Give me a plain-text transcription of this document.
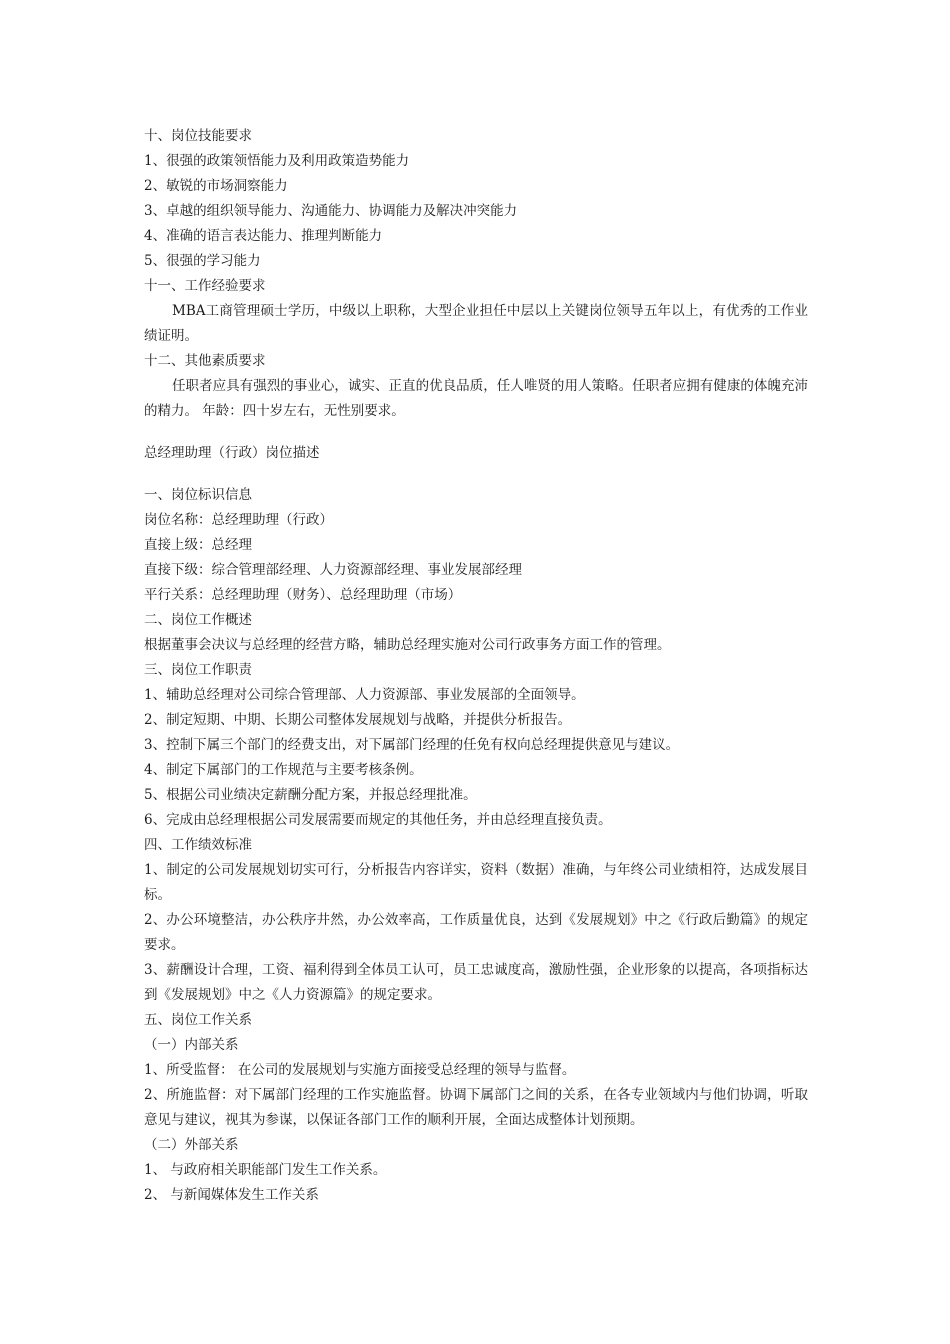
十、岗位技能要求
1、很强的政策领悟能力及利用政策造势能力
2、敏锐的市场洞察能力
3、卓越的组织领导能力、沟通能力、协调能力及解决冲突能力
4、准确的语言表达能力、推理判断能力
5、很强的学习能力
十一、工作经验要求
MBA工商管理硕士学历，中级以上职称，大型企业担任中层以上关键岗位领导五年以上，有优秀的工作业绩证明。
十二、其他素质要求
任职者应具有强烈的事业心，诚实、正直的优良品质，任人唯贤的用人策略。任职者应拥有健康的体魄充沛的精力。 年龄：四十岁左右，无性别要求。
总经理助理（行政）岗位描述
一、岗位标识信息
岗位名称：总经理助理（行政）
直接上级：总经理
直接下级：综合管理部经理、人力资源部经理、事业发展部经理
平行关系：总经理助理（财务）、总经理助理（市场）
二、岗位工作概述
根据董事会决议与总经理的经营方略，辅助总经理实施对公司行政事务方面工作的管理。
三、岗位工作职责
1、辅助总经理对公司综合管理部、人力资源部、事业发展部的全面领导。
2、制定短期、中期、长期公司整体发展规划与战略，并提供分析报告。
3、控制下属三个部门的经费支出，对下属部门经理的任免有权向总经理提供意见与建议。
4、制定下属部门的工作规范与主要考核条例。
5、根据公司业绩决定薪酬分配方案，并报总经理批准。
6、完成由总经理根据公司发展需要而规定的其他任务，并由总经理直接负责。
四、工作绩效标准
1、制定的公司发展规划切实可行，分析报告内容详实，资料（数据）准确，与年终公司业绩相符，达成发展目标。
2、办公环境整洁，办公秩序井然，办公效率高，工作质量优良，达到《发展规划》中之《行政后勤篇》的规定要求。
3、薪酬设计合理，工资、福利得到全体员工认可，员工忠诚度高，激励性强，企业形象的以提高，各项指标达到《发展规划》中之《人力资源篇》的规定要求。
五、岗位工作关系
（一）内部关系
1、所受监督： 在公司的发展规划与实施方面接受总经理的领导与监督。
2、所施监督：对下属部门经理的工作实施监督。协调下属部门之间的关系，在各专业领域内与他们协调，听取意见与建议，视其为参谋，以保证各部门工作的顺利开展，全面达成整体计划预期。
（二）外部关系
1、 与政府相关职能部门发生工作关系。
2、 与新闻媒体发生工作关系
